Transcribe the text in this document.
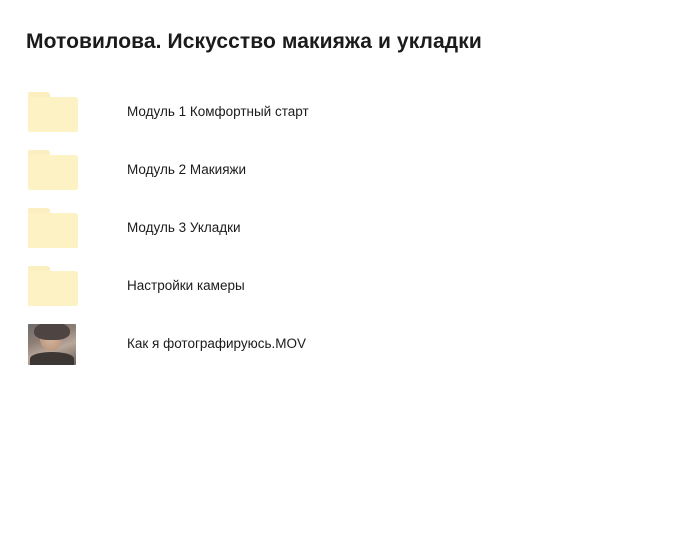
Мотовилова. Искусство макияжа и укладки
Модуль 1 Комфортный старт
Модуль 2 Макияжи
Модуль 3 Укладки
Настройки камеры
Как я фотографируюсь.MOV
